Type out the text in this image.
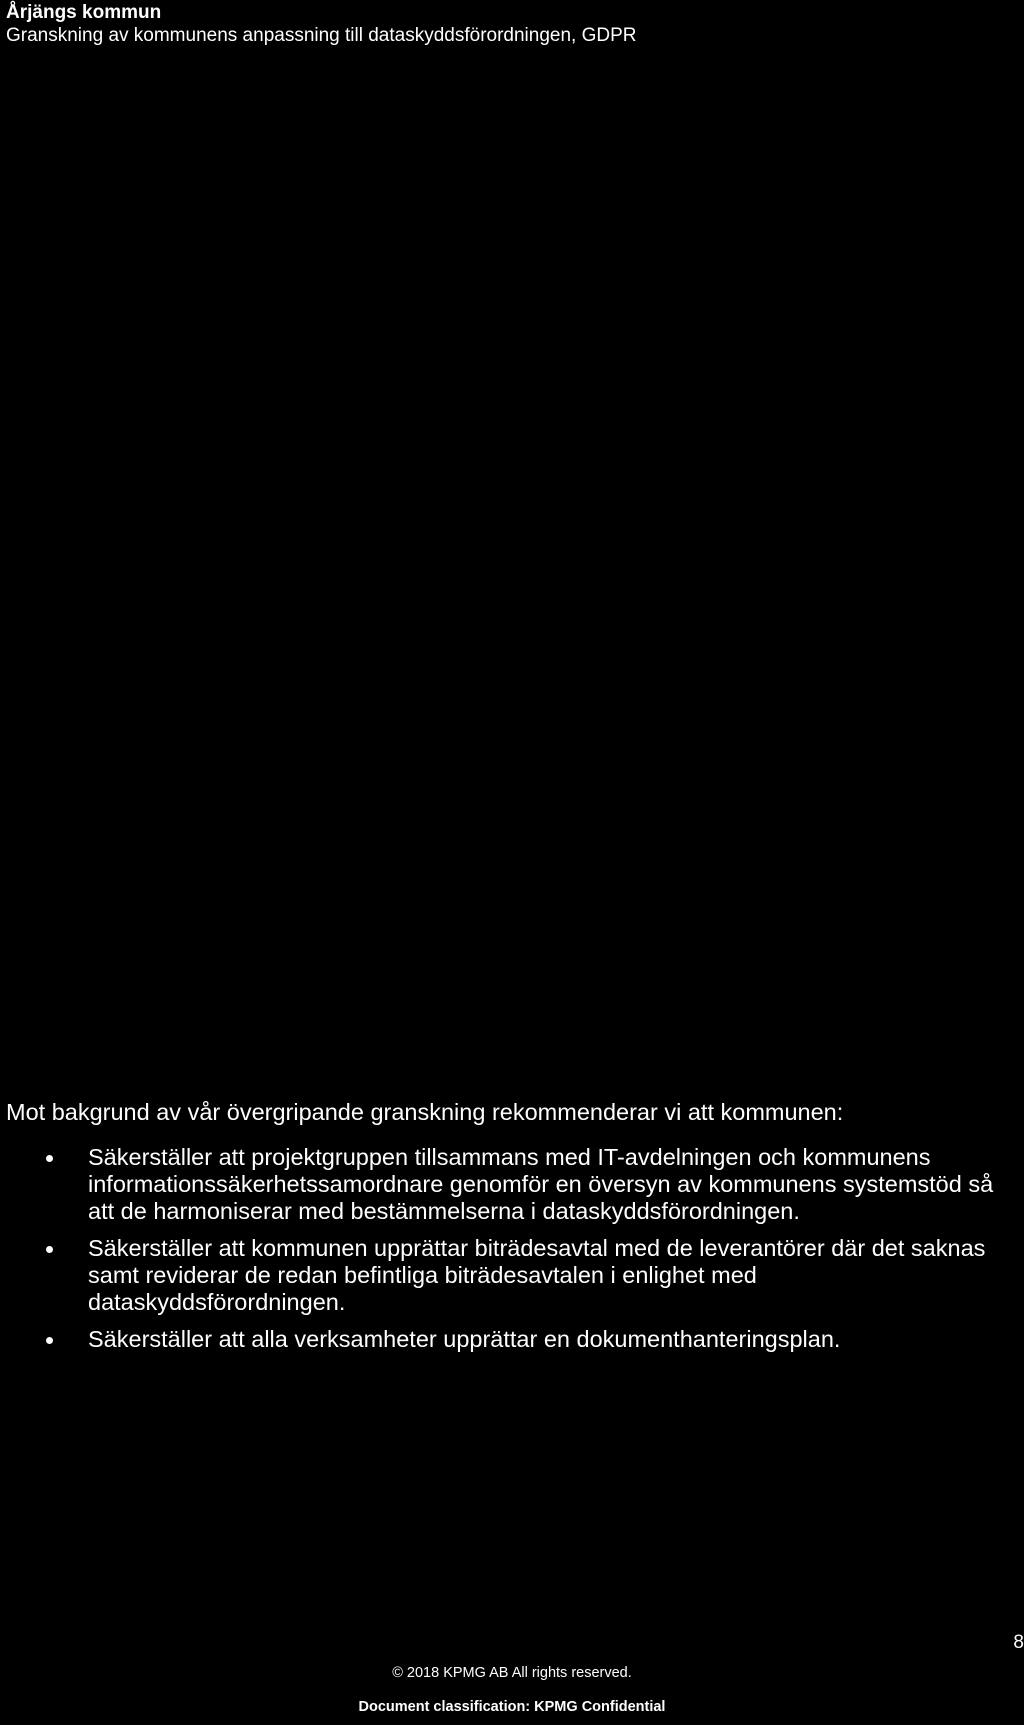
Årjängs kommun
Granskning av kommunens anpassning till dataskyddsförordningen, GDPR

Mot bakgrund av vår övergripande granskning rekommenderar vi att kommunen:

Säkerställer att projektgruppen tillsammans med IT-avdelningen och kommunens informationssäkerhetssamordnare genomför en översyn av kommunens systemstöd så att de harmoniserar med bestämmelserna i dataskyddsförordningen.
Säkerställer att kommunen upprättar biträdesavtal med de leverantörer där det saknas samt reviderar de redan befintliga biträdesavtalen i enlighet med dataskyddsförordningen.
Säkerställer att alla verksamheter upprättar en dokumenthanteringsplan.
8
© 2018 KPMG AB All rights reserved.
Document classification: KPMG Confidential
